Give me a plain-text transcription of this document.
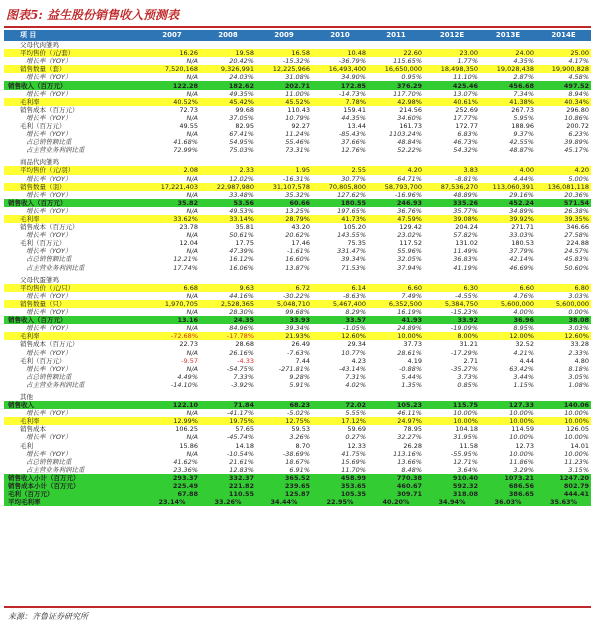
图表5: 益生股份销售收入预测表
项 目	2007	2008	2009	2010	2011	2012E	2013E	2014E
父母代肉雏鸡								
平均售价（元/套）	16.26	19.58	16.58	10.48	22.60	23.00	24.00	25.00
增长率（YOY）	N/A	20.42%	-15.32%	-36.79%	115.65%	1.77%	4.35%	4.17%
销售数量（套）	7,520,168	9,326,991	12,225,966	16,493,400	16,650,000	18,498,350	19,028,438	19,900,828
增长率（YOY）	N/A	24.03%	31.08%	34.90%	0.95%	11.10%	2.87%	4.58%
销售收入（百万元）	122.28	182.62	202.71	172.85	376.29	425.46	456.68	497.52
增长率（YOY）	N/A	49.35%	11.00%	-14.73%	117.70%	13.07%	7.34%	8.94%
毛利率	40.52%	45.42%	45.52%	7.78%	42.98%	40.61%	41.38%	40.34%
销售成本（百万元）	72.73	99.68	110.43	159.41	214.56	252.69	267.73	296.80
增长率（YOY）	N/A	37.05%	10.79%	44.35%	34.60%	17.77%	5.95%	10.86%
毛利（百万元）	49.55	82.95	92.27	13.44	161.73	172.77	188.96	200.72
增长率（YOY）	N/A	67.41%	11.24%	-85.43%	1103.24%	6.83%	9.37%	6.23%
占总销售额比重	41.68%	54.95%	55.46%	37.66%	48.84%	46.73%	42.55%	39.89%
占主营业务利润比重	72.99%	75.03%	73.31%	12.76%	52.22%	54.32%	48.87%	45.17%

商品代肉雏鸡								
平均售价（元/羽）	2.08	2.33	1.95	2.55	4.20	3.83	4.00	4.20
增长率（YOY）	N/A	12.02%	-16.31%	30.77%	64.71%	-8.81%	4.44%	5.00%
销售数量（羽）	17,221,403	22,987,980	31,107,578	70,805,800	58,793,700	87,536,270	113,060,391	136,081,118
增长率（YOY）	N/A	33.48%	35.32%	127.62%	-16.96%	48.89%	29.16%	20.36%
销售收入（百万元）	35.82	53.56	60.66	180.55	246.93	335.26	452.24	571.54
增长率（YOY）	N/A	49.53%	13.25%	197.65%	36.76%	35.77%	34.89%	26.38%
毛利率	33.62%	33.14%	28.79%	41.73%	47.59%	39.08%	39.92%	39.35%
销售成本（百万元）	23.78	35.81	43.20	105.20	129.42	204.24	271.71	346.66
增长率（YOY）	N/A	50.61%	20.62%	143.55%	23.02%	57.82%	33.03%	27.58%
毛利（百万元）	12.04	17.75	17.46	75.35	117.52	131.02	180.53	224.88
增长率（YOY）	N/A	47.39%	-1.61%	331.47%	55.96%	11.49%	37.79%	24.57%
占总销售额比重	12.21%	16.12%	16.60%	39.34%	32.05%	36.83%	42.14%	45.83%
占主营业务利润比重	17.74%	16.06%	13.87%	71.53%	37.94%	41.19%	46.69%	50.60%

父母代蛋雏鸡								
平均售价（元/只）	6.68	9.63	6.72	6.14	6.60	6.30	6.60	6.80
增长率（YOY）	N/A	44.16%	-30.22%	-8.63%	7.49%	-4.55%	4.76%	3.03%
销售数量（只）	1,970,705	2,528,365	5,048,710	5,467,400	6,352,500	5,384,750	5,600,000	5,600,000
增长率（YOY）	N/A	28.30%	99.68%	8.29%	16.19%	-15.23%	4.00%	0.00%
销售收入（百万元）	13.16	24.35	33.93	33.57	41.93	33.92	36.96	38.08
增长率（YOY）	N/A	84.96%	39.34%	-1.05%	24.89%	-19.09%	8.95%	3.03%
毛利率	-72.68%	-17.78%	21.93%	12.60%	10.00%	8.00%	12.00%	12.60%
销售成本（百万元）	22.73	28.68	26.49	29.34	37.73	31.21	32.52	33.28
增长率（YOY）	N/A	26.16%	-7.63%	10.77%	28.61%	-17.29%	4.21%	2.33%
毛利（百万元）	-9.57	-4.33	7.44	4.23	4.19	2.71	4.44	4.80
增长率（YOY）	N/A	-54.75%	-271.81%	-43.14%	-0.88%	-35.27%	63.42%	8.18%
占总销售额比重	4.49%	7.33%	9.28%	7.31%	5.44%	3.73%	3.44%	3.05%
占主营业务利润比重	-14.10%	-3.92%	5.91%	4.02%	1.35%	0.85%	1.15%	1.08%

其他								
销售收入	122.10	71.84	68.23	72.02	105.23	115.75	127.33	140.06
增长率（YOY）	N/A	-41.17%	-5.02%	5.55%	46.11%	10.00%	10.00%	10.00%
毛利率	12.99%	19.75%	12.75%	17.12%	24.97%	10.00%	10.00%	10.00%
销售成本	106.25	57.65	59.53	59.69	78.95	104.18	114.59	126.05
增长率（YOY）	N/A	-45.74%	3.26%	0.27%	32.27%	31.95%	10.00%	10.00%
毛利	15.86	14.18	8.70	12.33	26.28	11.58	12.73	14.01
增长率（YOY）	N/A	-10.54%	-38.69%	41.75%	113.16%	-55.95%	10.00%	10.00%
占总销售额比重	41.62%	21.61%	18.67%	15.69%	13.66%	12.71%	11.86%	11.23%
占主营业务利润比重	23.36%	12.83%	6.91%	11.70%	8.48%	3.64%	3.29%	3.15%
销售收入小计（百万元）	293.37	332.37	365.52	458.99	770.38	910.40	1073.21	1247.20
销售成本小计（百万元）	225.49	221.82	239.65	353.65	460.67	592.32	686.56	802.79
毛利（百万元）	67.88	110.55	125.87	105.35	309.71	318.08	386.65	444.41
平均毛利率	23.14%	33.26%	34.44%	22.95%	40.20%	34.94%	36.03%	35.63%
来源：齐鲁证券研究所
